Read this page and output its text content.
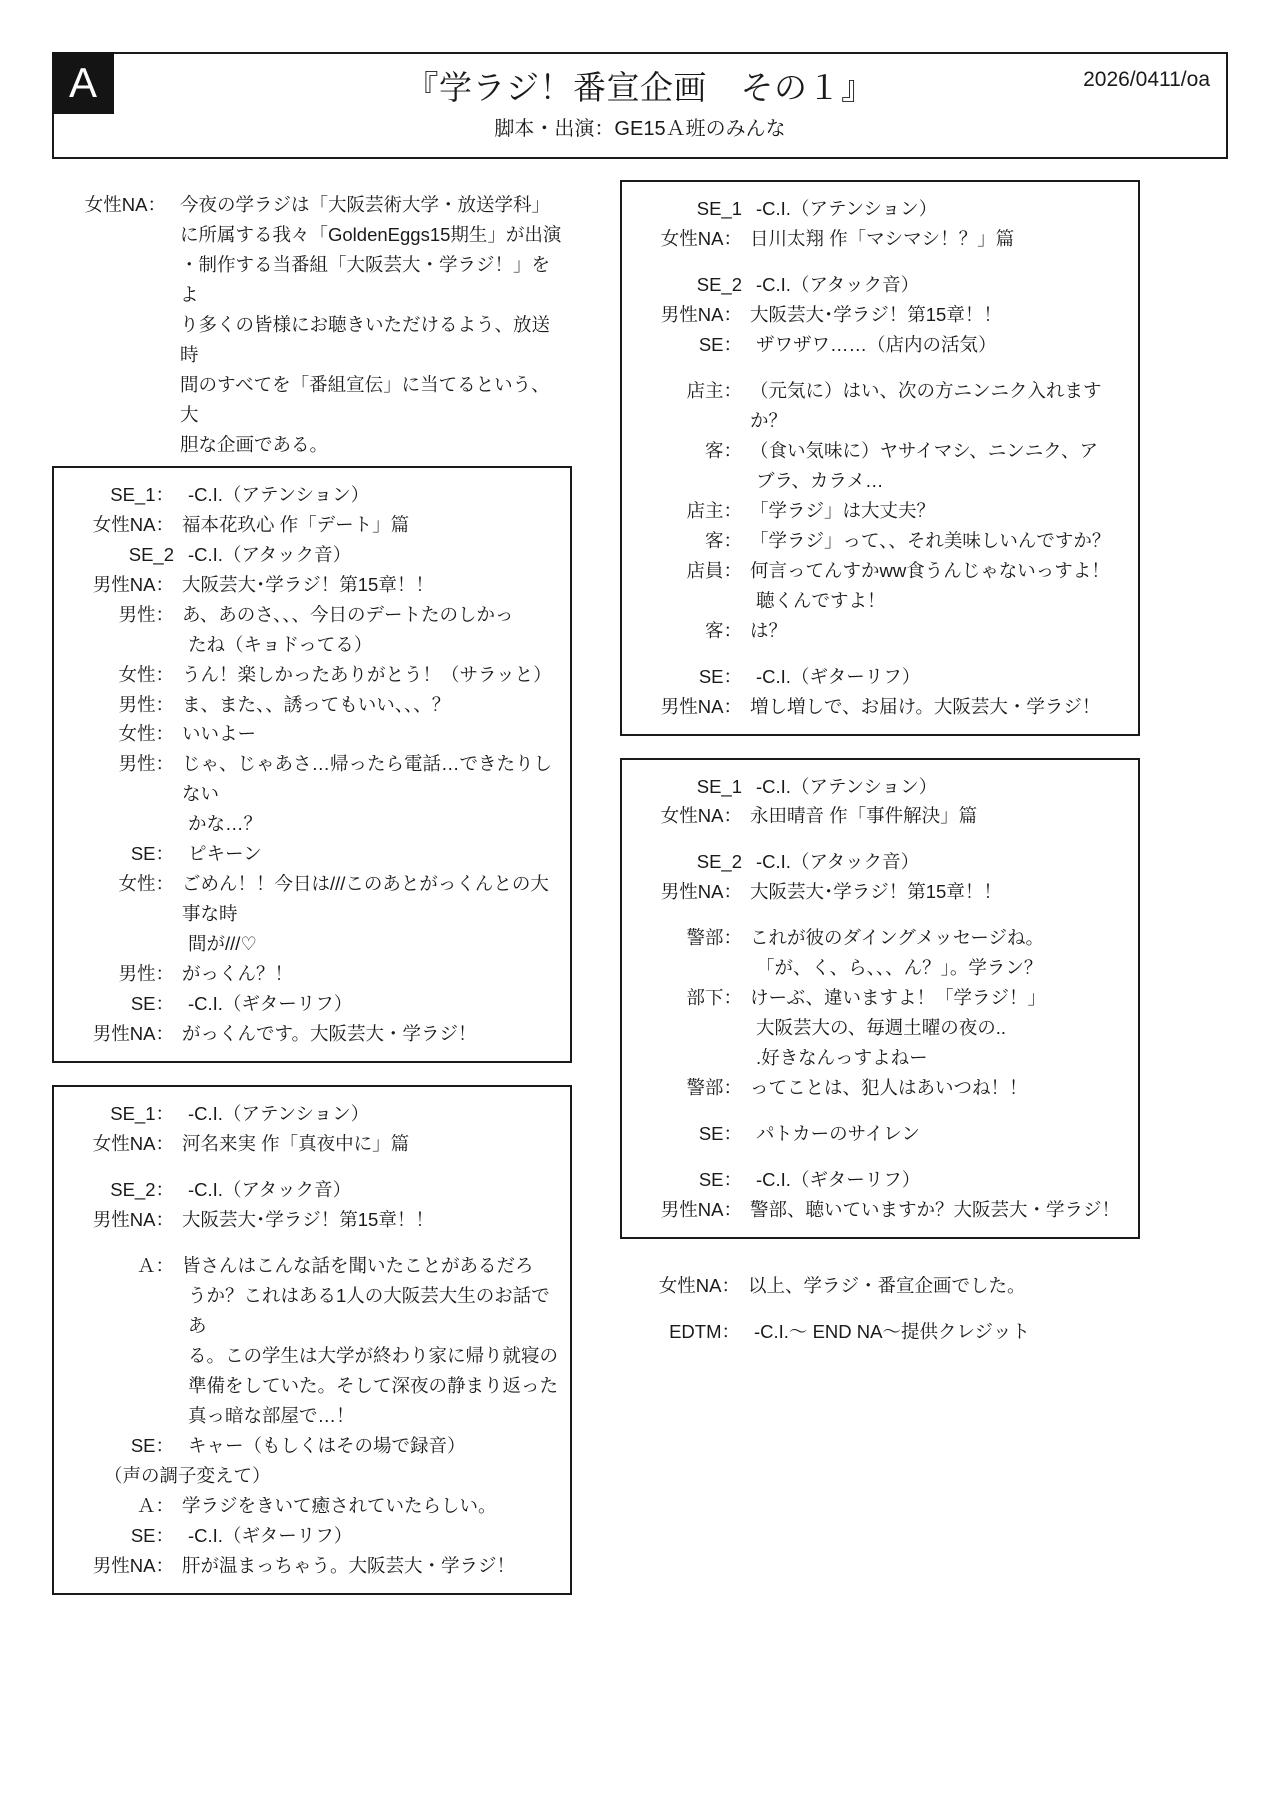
A	『学ラジ！番宣企画　その１』
脚本・出演：GE15Ａ班のみんな
2026/0411/oa
女性NA： 今夜の学ラジは「大阪芸術大学・放送学科」
に所属する我々「GoldenEggs15期生」が出演
・制作する当番組「大阪芸大・学ラジ！」をよ
り多くの皆様にお聴きいただけるよう、放送時
間のすべてを「番組宣伝」に当てるという、大
胆な企画である。
SE_1： -C.I.（アテンション）
女性NA： 福本花玖心 作「デート」篇
SE_2 -C.I.（アタック音）
男性NA： 大阪芸大･学ラジ！第15章！！
男性： あ、あのさ、、、今日のデートたのしかっ
たね（キョドってる）
女性： うん！楽しかったありがとう！（サラッと）
男性： ま、また、、誘ってもいい、、、？
女性： いいよー
男性： じゃ、じゃあさ…帰ったら電話…できたりしない
かな…？
SE： ピキーン
女性： ごめん！！今日は///このあとがっくんとの大事な時
間が///♡
男性： がっくん？！
SE： -C.I.（ギターリフ）
男性NA： がっくんです。大阪芸大・学ラジ！
SE_1： -C.I.（アテンション）
女性NA： 河名来実 作「真夜中に」篇
SE_2： -C.I.（アタック音）
男性NA： 大阪芸大･学ラジ！第15章！！
Ａ： 皆さんはこんな話を聞いたことがあるだろ
うか？これはある1人の大阪芸大生のお話であ
る。この学生は大学が終わり家に帰り就寝の
準備をしていた。そして深夜の静まり返った
真っ暗な部屋で…！
SE： キャー（もしくはその場で録音）
（声の調子変えて）
Ａ： 学ラジをきいて癒されていたらしい。
SE： -C.I.（ギターリフ）
男性NA： 肝が温まっちゃう。大阪芸大・学ラジ！
SE_1 -C.I.（アテンション）
女性NA： 日川太翔 作「マシマシ！？」篇
SE_2 -C.I.（アタック音）
男性NA： 大阪芸大･学ラジ！第15章！！
SE： ザワザワ……（店内の活気）
店主： （元気に）はい、次の方ニンニク入れますか？
客： （食い気味に）ヤサイマシ、ニンニク、ア
ブラ、カラメ…
店主： 「学ラジ」は大丈夫？
客： 「学ラジ」って、、それ美味しいんですか？
店員： 何言ってんすかww食うんじゃないっすよ！
聴くんですよ！
客： は？
SE： -C.I.（ギターリフ）
男性NA： 増し増しで、お届け。大阪芸大・学ラジ！
SE_1 -C.I.（アテンション）
女性NA： 永田晴音 作「事件解決」篇
SE_2 -C.I.（アタック音）
男性NA： 大阪芸大･学ラジ！第15章！！
警部： これが彼のダイングメッセージね。
「が、く、ら、、、ん？」。学ラン？
部下： けーぶ、違いますよ！「学ラジ！」
大阪芸大の、毎週土曜の夜の..
.好きなんっすよねー
警部： ってことは、犯人はあいつね！！
SE： パトカーのサイレン
SE： -C.I.（ギターリフ）
男性NA： 警部、聴いていますか？大阪芸大・学ラジ！
女性NA： 以上、学ラジ・番宣企画でした。
EDTM： -C.I.〜 END NA〜提供クレジット
